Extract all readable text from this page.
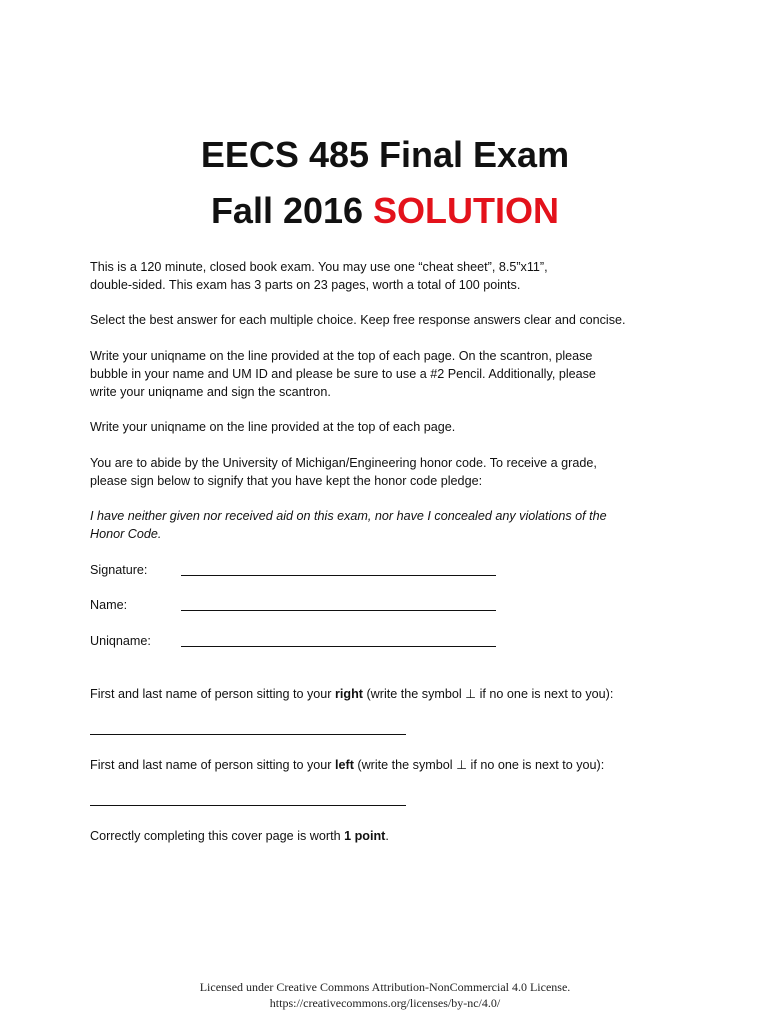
EECS 485 Final Exam
Fall 2016 SOLUTION
This is a 120 minute, closed book exam. You may use one “cheat sheet”, 8.5”x11”,
double-sided. This exam has 3 parts on 23 pages, worth a total of 100 points.
Select the best answer for each multiple choice. Keep free response answers clear and concise.
Write your uniqname on the line provided at the top of each page. On the scantron, please
bubble in your name and UM ID and please be sure to use a #2 Pencil. Additionally, please
write your uniqname and sign the scantron.
Write your uniqname on the line provided at the top of each page.
You are to abide by the University of Michigan/Engineering honor code. To receive a grade,
please sign below to signify that you have kept the honor code pledge:
I have neither given nor received aid on this exam, nor have I concealed any violations of the
Honor Code.
Signature:
Name:
Uniqname:
First and last name of person sitting to your right (write the symbol ⊥ if no one is next to you):
First and last name of person sitting to your left (write the symbol ⊥ if no one is next to you):
Correctly completing this cover page is worth 1 point.
Licensed under Creative Commons Attribution-NonCommercial 4.0 License.
https://creativecommons.org/licenses/by-nc/4.0/
